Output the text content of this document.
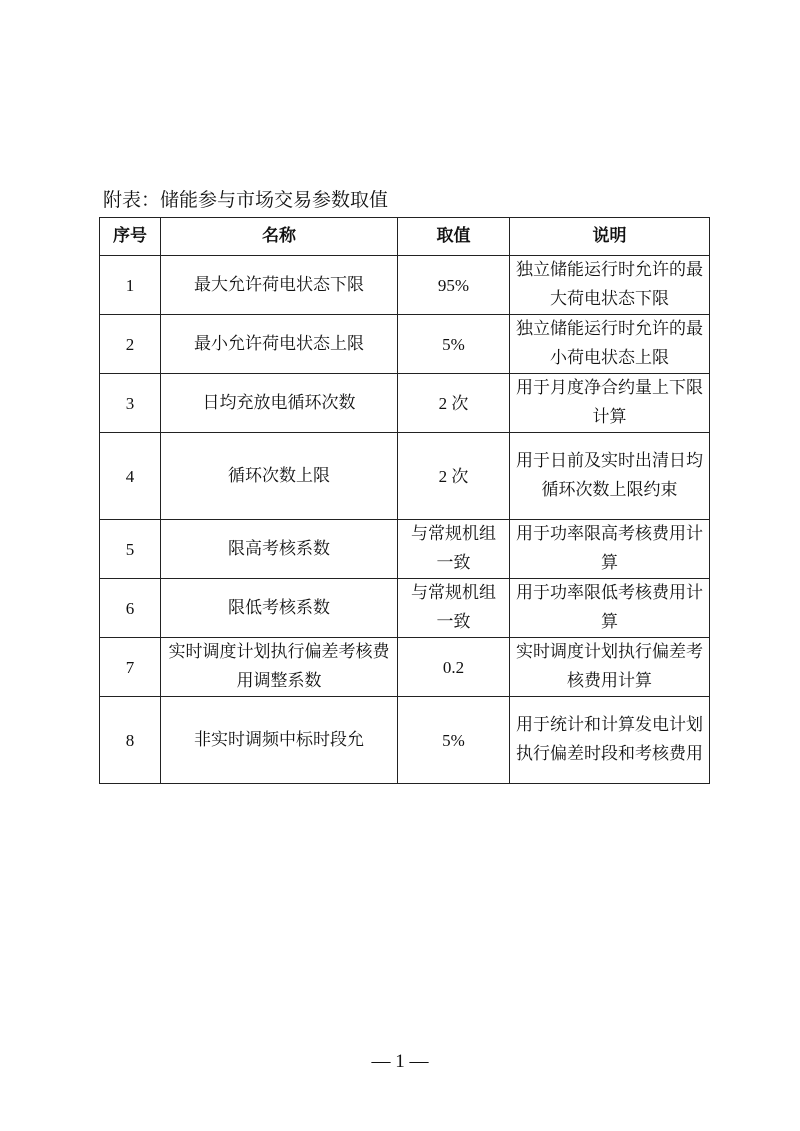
附表：储能参与市场交易参数取值
序号	名称	取值	说明
1	最大允许荷电状态下限	95%	独立储能运行时允许的最大荷电状态下限
2	最小允许荷电状态上限	5%	独立储能运行时允许的最小荷电状态上限
3	日均充放电循环次数	2 次	用于月度净合约量上下限计算
4	循环次数上限	2 次	用于日前及实时出清日均循环次数上限约束
5	限高考核系数	与常规机组一致	用于功率限高考核费用计算
6	限低考核系数	与常规机组一致	用于功率限低考核费用计算
7	实时调度计划执行偏差考核费用调整系数	0.2	实时调度计划执行偏差考核费用计算
8	非实时调频中标时段允	5%	用于统计和计算发电计划执行偏差时段和考核费用
— 1 —
